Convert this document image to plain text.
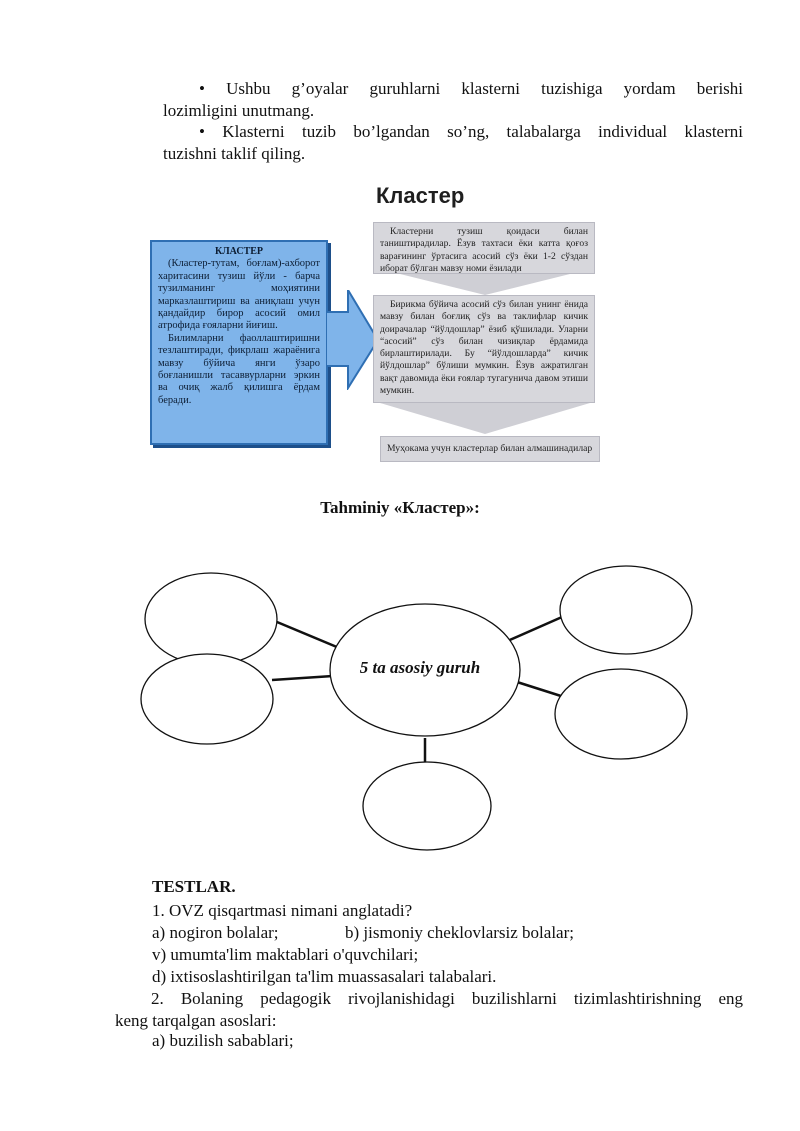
• Ushbu g’oyalar guruhlarni klasterni tuzishiga yordam berishi
lozimligini unutmang.
• Klasterni tuzib bo’lgandan so’ng, talabalarga individual klasterni
tuzishni taklif qiling.
Кластер
КЛАСТЕР

(Кластер-тутам, боғлам)-ахборот харитасини тузиш йўли - барча тузилманинг моҳиятини марказлаштириш ва аниқлаш учун қандайдир бирор асосий омил атрофида ғояларни йиғиш.

Билимларни фаоллаштиришни тезлаштиради, фикрлаш жараёнига мавзу бўйича янги ўзаро боғланишли тасаввурларни эркин ва очиқ жалб қилишга ёрдам беради.

Кластерни тузиш қоидаси билан таништирадилар. Ёзув тахтаси ёки катта қоғоз варағининг ўртасига асосий сўз ёки 1-2 сўздан иборат бўлган мавзу номи ёзилади

Бирикма бўйича асосий сўз билан унинг ёнида мавзу билан боғлиқ сўз ва таклифлар кичик доирачалар “йўлдошлар” ёзиб қўшилади. Уларни “асосий” сўз билан чизиқлар ёрдамида бирлаштирилади. Бу “йўлдошларда” кичик йўлдошлар” бўлиши мумкин. Ёзув ажратилган вақт давомида ёки ғоялар тугагунича давом этиши мумкин.

Муҳокама учун кластерлар билан алмашинадилар

Tahminiy «Кластер»:
5 ta asosiy guruh
TESTLAR.
1. OVZ qisqartmasi nimani anglatadi?
a) nogiron bolalar;	b) jismoniy cheklovlarsiz bolalar;
v) umumta'lim maktablari o'quvchilari;
d) ixtisoslashtirilgan ta'lim muassasalari talabalari.
2. Bolaning pedagogik rivojlanishidagi buzilishlarni tizimlashtirishning eng
keng tarqalgan asoslari:
a) buzilish sabablari;
